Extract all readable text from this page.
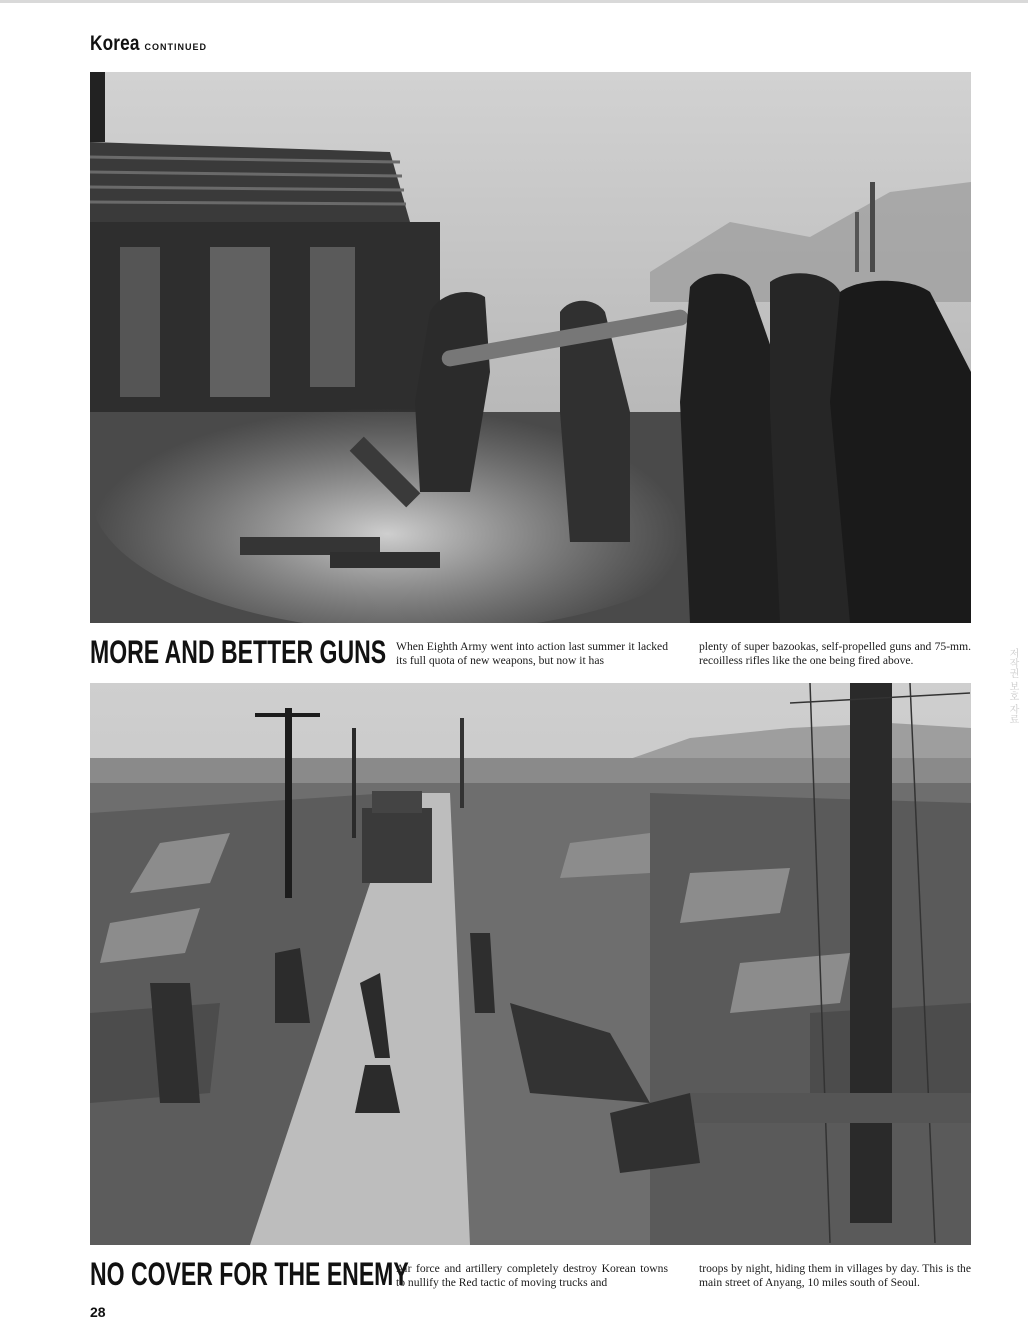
Korea CONTINUED
MORE AND BETTER GUNS When Eighth Army went into action last summer it lacked its full quota of new weapons, but now it has
plenty of super bazookas, self-propelled guns and 75-mm. recoilless rifles like the one being fired above.
NO COVER FOR THE ENEMY
Air force and artillery completely destroy Korean towns to nullify the Red tactic of moving trucks and
troops by night, hiding them in villages by day. This is the main street of Anyang, 10 miles south of Seoul.
28
저작권 보호 자료
